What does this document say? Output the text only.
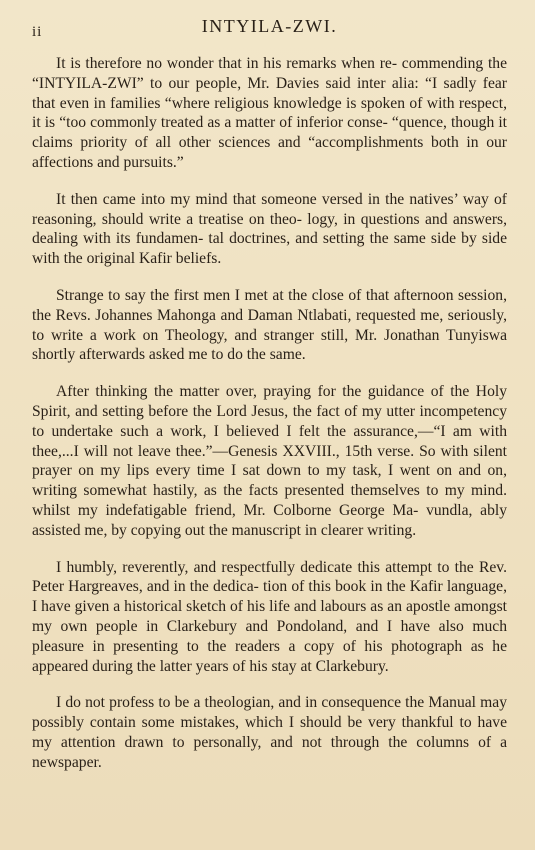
ii	INTYILA-ZWI.

It is therefore no wonder that in his remarks when re- commending the “INTYILA-ZWI” to our people, Mr. Davies said inter alia: “I sadly fear that even in families “where religious knowledge is spoken of with respect, it is “too commonly treated as a matter of inferior conse- “quence, though it claims priority of all other sciences and “accomplishments both in our affections and pursuits.”

It then came into my mind that someone versed in the natives’ way of reasoning, should write a treatise on theo- logy, in questions and answers, dealing with its fundamen- tal doctrines, and setting the same side by side with the original Kafir beliefs.

Strange to say the first men I met at the close of that afternoon session, the Revs. Johannes Mahonga and Daman Ntlabati, requested me, seriously, to write a work on Theology, and stranger still, Mr. Jonathan Tunyiswa shortly afterwards asked me to do the same.

After thinking the matter over, praying for the guidance of the Holy Spirit, and setting before the Lord Jesus, the fact of my utter incompetency to undertake such a work, I believed I felt the assurance,—“I am with thee,...I will not leave thee.”—Genesis XXVIII., 15th verse. So with silent prayer on my lips every time I sat down to my task, I went on and on, writing somewhat hastily, as the facts presented themselves to my mind. whilst my indefatigable friend, Mr. Colborne George Ma- vundla, ably assisted me, by copying out the manuscript in clearer writing.

I humbly, reverently, and respectfully dedicate this attempt to the Rev. Peter Hargreaves, and in the dedica- tion of this book in the Kafir language, I have given a historical sketch of his life and labours as an apostle amongst my own people in Clarkebury and Pondoland, and I have also much pleasure in presenting to the readers a copy of his photograph as he appeared during the latter years of his stay at Clarkebury.

I do not profess to be a theologian, and in consequence the Manual may possibly contain some mistakes, which I should be very thankful to have my attention drawn to personally, and not through the columns of a newspaper.
